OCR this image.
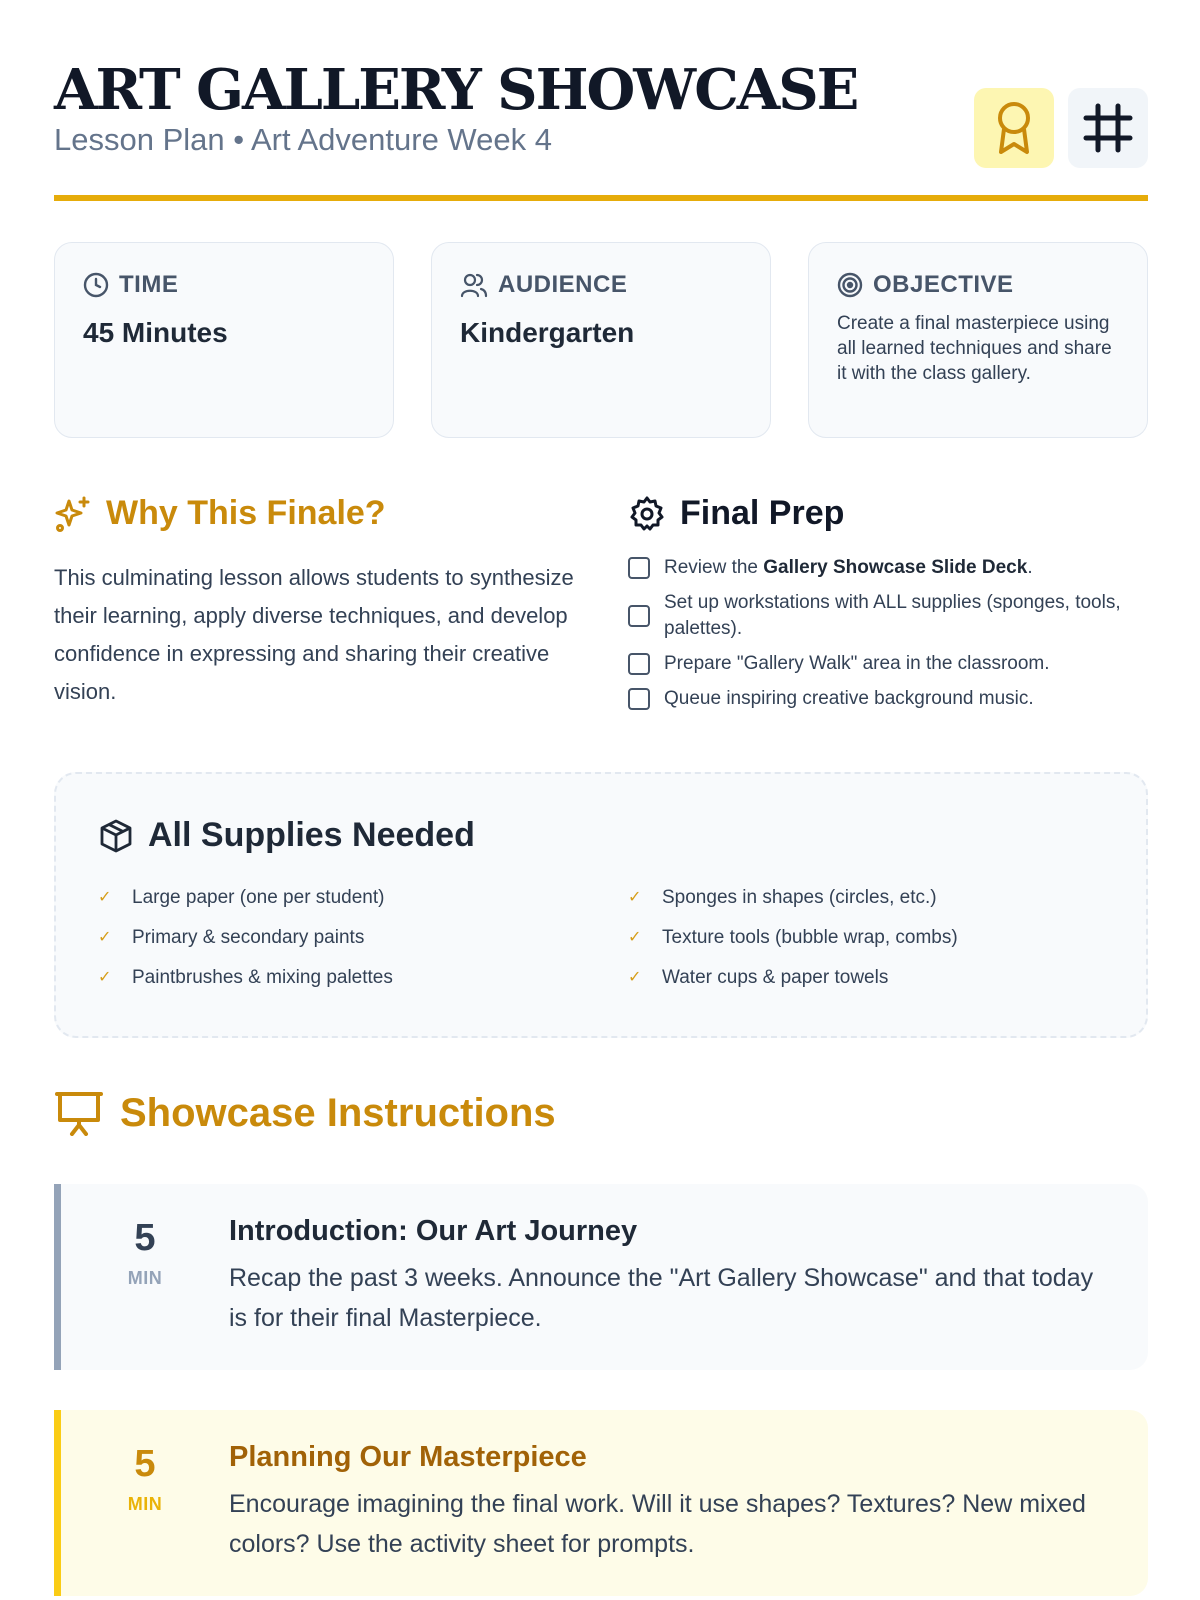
ART GALLERY SHOWCASE
Lesson Plan • Art Adventure Week 4
TIME
45 Minutes
AUDIENCE
Kindergarten
OBJECTIVE
Create a final masterpiece using all learned techniques and share it with the class gallery.
Why This Finale?
This culminating lesson allows students to synthesize their learning, apply diverse techniques, and develop confidence in expressing and sharing their creative vision.
Final Prep
Review the Gallery Showcase Slide Deck.
Set up workstations with ALL supplies (sponges, tools, palettes).
Prepare "Gallery Walk" area in the classroom.
Queue inspiring creative background music.
All Supplies Needed
✓ Large paper (one per student)	✓ Sponges in shapes (circles, etc.)
✓ Primary & secondary paints	✓ Texture tools (bubble wrap, combs)
✓ Paintbrushes & mixing palettes	✓ Water cups & paper towels
Showcase Instructions
5
MIN
Introduction: Our Art Journey
Recap the past 3 weeks. Announce the "Art Gallery Showcase" and that today is for their final Masterpiece.
5
MIN
Planning Our Masterpiece
Encourage imagining the final work. Will it use shapes? Textures? New mixed colors? Use the activity sheet for prompts.
